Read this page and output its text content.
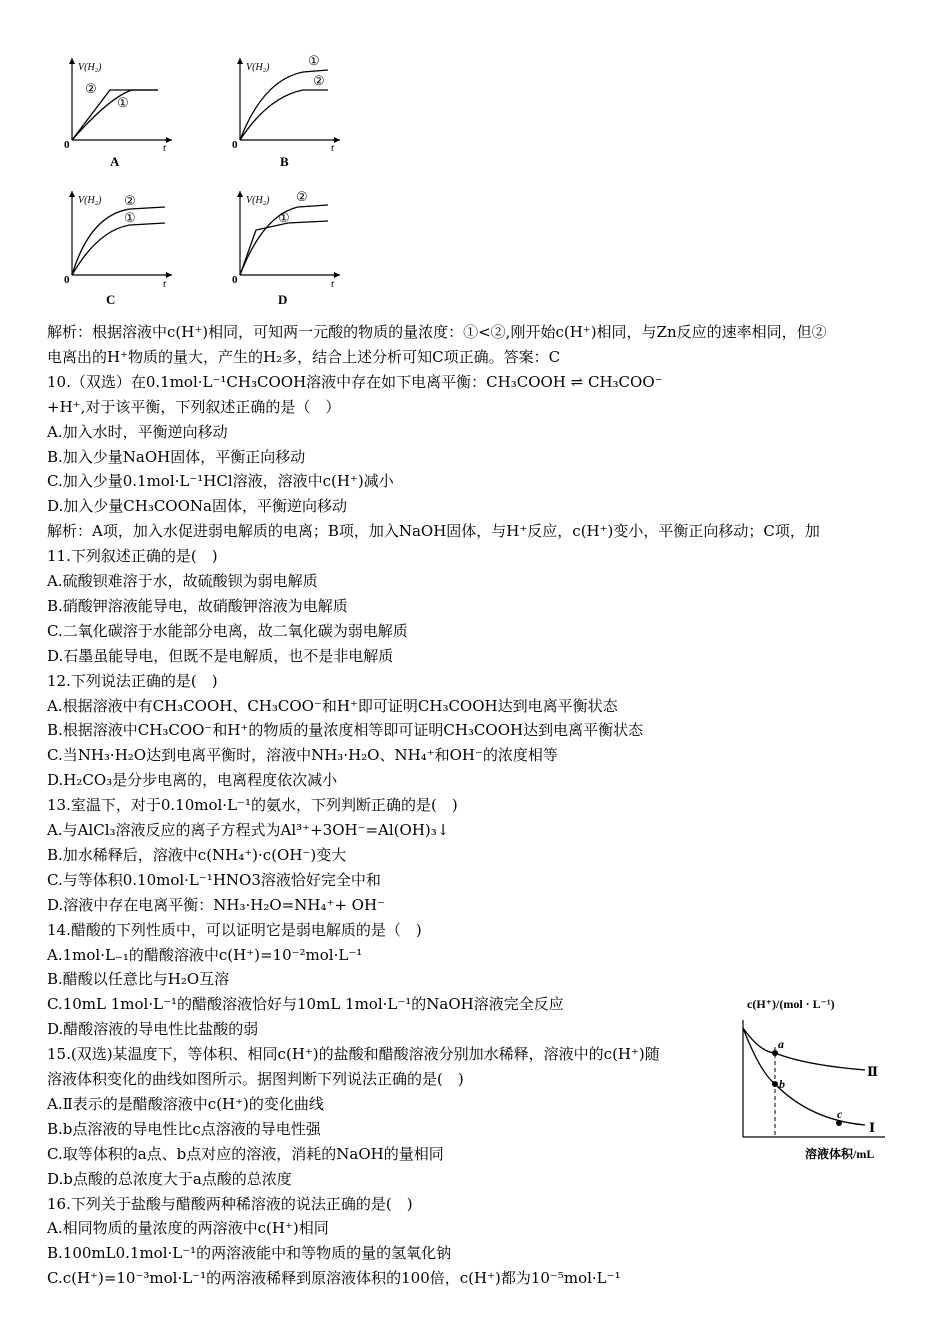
V(H₂)
②
①
0	t
A
V(H₂)	①
②
0	t
B
V(H₂) ②
①
0	t
C
V(H₂) ②
①
0	t
D
c(H⁺)/(mol · L⁻¹)
a
b
c
Ⅱ
Ⅰ
溶液体积/mL
解析：根据溶液中c(H⁺)相同，可知两一元酸的物质的量浓度：①<②,刚开始c(H⁺)相同，与Zn反应的速率相同，但②
电离出的H⁺物质的量大，产生的H₂多，结合上述分析可知C项正确。答案：C
10.（双选）在0.1mol·L⁻¹CH₃COOH溶液中存在如下电离平衡：CH₃COOH ⇌ CH₃COO⁻
+H⁺,对于该平衡，下列叙述正确的是（　）
A.加入水时，平衡逆向移动
B.加入少量NaOH固体，平衡正向移动
C.加入少量0.1mol·L⁻¹HCl溶液，溶液中c(H⁺)减小
D.加入少量CH₃COONa固体，平衡逆向移动
解析：A项，加入水促进弱电解质的电离；B项，加入NaOH固体，与H⁺反应，c(H⁺)变小，平衡正向移动；C项，加
11.下列叙述正确的是(　)
A.硫酸钡难溶于水，故硫酸钡为弱电解质
B.硝酸钾溶液能导电，故硝酸钾溶液为电解质
C.二氧化碳溶于水能部分电离，故二氧化碳为弱电解质
D.石墨虽能导电，但既不是电解质，也不是非电解质
12.下列说法正确的是(　)
A.根据溶液中有CH₃COOH、CH₃COO⁻和H⁺即可证明CH₃COOH达到电离平衡状态
B.根据溶液中CH₃COO⁻和H⁺的物质的量浓度相等即可证明CH₃COOH达到电离平衡状态
C.当NH₃·H₂O达到电离平衡时，溶液中NH₃·H₂O、NH₄⁺和OH⁻的浓度相等
D.H₂CO₃是分步电离的，电离程度依次减小
13.室温下，对于0.10mol·L⁻¹的氨水，下列判断正确的是(　)
A.与AlCl₃溶液反应的离子方程式为Al³⁺+3OH⁻=Al(OH)₃↓
B.加水稀释后，溶液中c(NH₄⁺)·c(OH⁻)变大
C.与等体积0.10mol·L⁻¹HNO3溶液恰好完全中和
D.溶液中存在电离平衡：NH₃·H₂O=NH₄⁺+ OH⁻
14.醋酸的下列性质中，可以证明它是弱电解质的是（　)
A.1mol·L₋₁的醋酸溶液中c(H⁺)=10⁻²mol·L⁻¹
B.醋酸以任意比与H₂O互溶
C.10mL 1mol·L⁻¹的醋酸溶液恰好与10mL 1mol·L⁻¹的NaOH溶液完全反应
D.醋酸溶液的导电性比盐酸的弱
15.(双选)某温度下，等体积、相同c(H⁺)的盐酸和醋酸溶液分别加水稀释，溶液中的c(H⁺)随
溶液体积变化的曲线如图所示。据图判断下列说法正确的是(　)
A.Ⅱ表示的是醋酸溶液中c(H⁺)的变化曲线
B.b点溶液的导电性比c点溶液的导电性强
C.取等体积的a点、b点对应的溶液，消耗的NaOH的量相同
D.b点酸的总浓度大于a点酸的总浓度
16.下列关于盐酸与醋酸两种稀溶液的说法正确的是(　)
A.相同物质的量浓度的两溶液中c(H⁺)相同
B.100mL0.1mol·L⁻¹的两溶液能中和等物质的量的氢氧化钠
C.c(H⁺)=10⁻³mol·L⁻¹的两溶液稀释到原溶液体积的100倍，c(H⁺)都为10⁻⁵mol·L⁻¹
